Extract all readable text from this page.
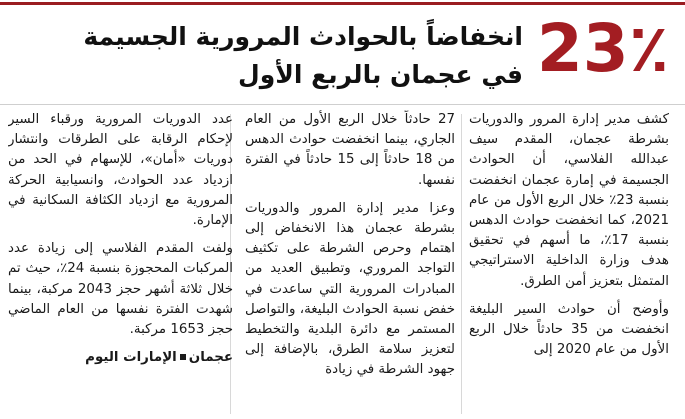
23٪
انخفاضاً بالحوادث المرورية الجسيمة
في عجمان بالربع الأول

كشف مدير إدارة المرور والدوريات بشرطة عجمان، المقدم سيف عبدالله الفلاسي، أن الحوادث الجسيمة في إمارة عجمان انخفضت بنسبة 23٪ خلال الربع الأول من عام 2021، كما انخفضت حوادث الدهس بنسبة 17٪، ما أسهم في تحقيق هدف وزارة الداخلية الاستراتيجي المتمثل بتعزيز أمن الطرق.

وأوضح أن حوادث السير البليغة انخفضت من 35 حادثاً خلال الربع الأول من عام 2020 إلى

27 حادثاً خلال الربع الأول من العام الجاري، بينما انخفضت حوادث الدهس من 18 حادثاً إلى 15 حادثاً في الفترة نفسها.

وعزا مدير إدارة المرور والدوريات بشرطة عجمان هذا الانخفاض إلى اهتمام وحرص الشرطة على تكثيف التواجد المروري، وتطبيق العديد من المبادرات المرورية التي ساعدت في خفض نسبة الحوادث البليغة، والتواصل المستمر مع دائرة البلدية والتخطيط لتعزيز سلامة الطرق، بالإضافة إلى جهود الشرطة في زيادة

عدد الدوريات المرورية ورقباء السير لإحكام الرقابة على الطرقات وانتشار دوريات «أمان»، للإسهام في الحد من ازدياد عدد الحوادث، وانسيابية الحركة المرورية مع ازدياد الكثافة السكانية في الإمارة.

ولفت المقدم الفلاسي إلى زيادة عدد المركبات المحجوزة بنسبة 24٪، حيث تم خلال ثلاثة أشهر حجز 2043 مركبة، بينما شهدت الفترة نفسها من العام الماضي حجز 1653 مركبة.

عجمانالإمارات اليوم
